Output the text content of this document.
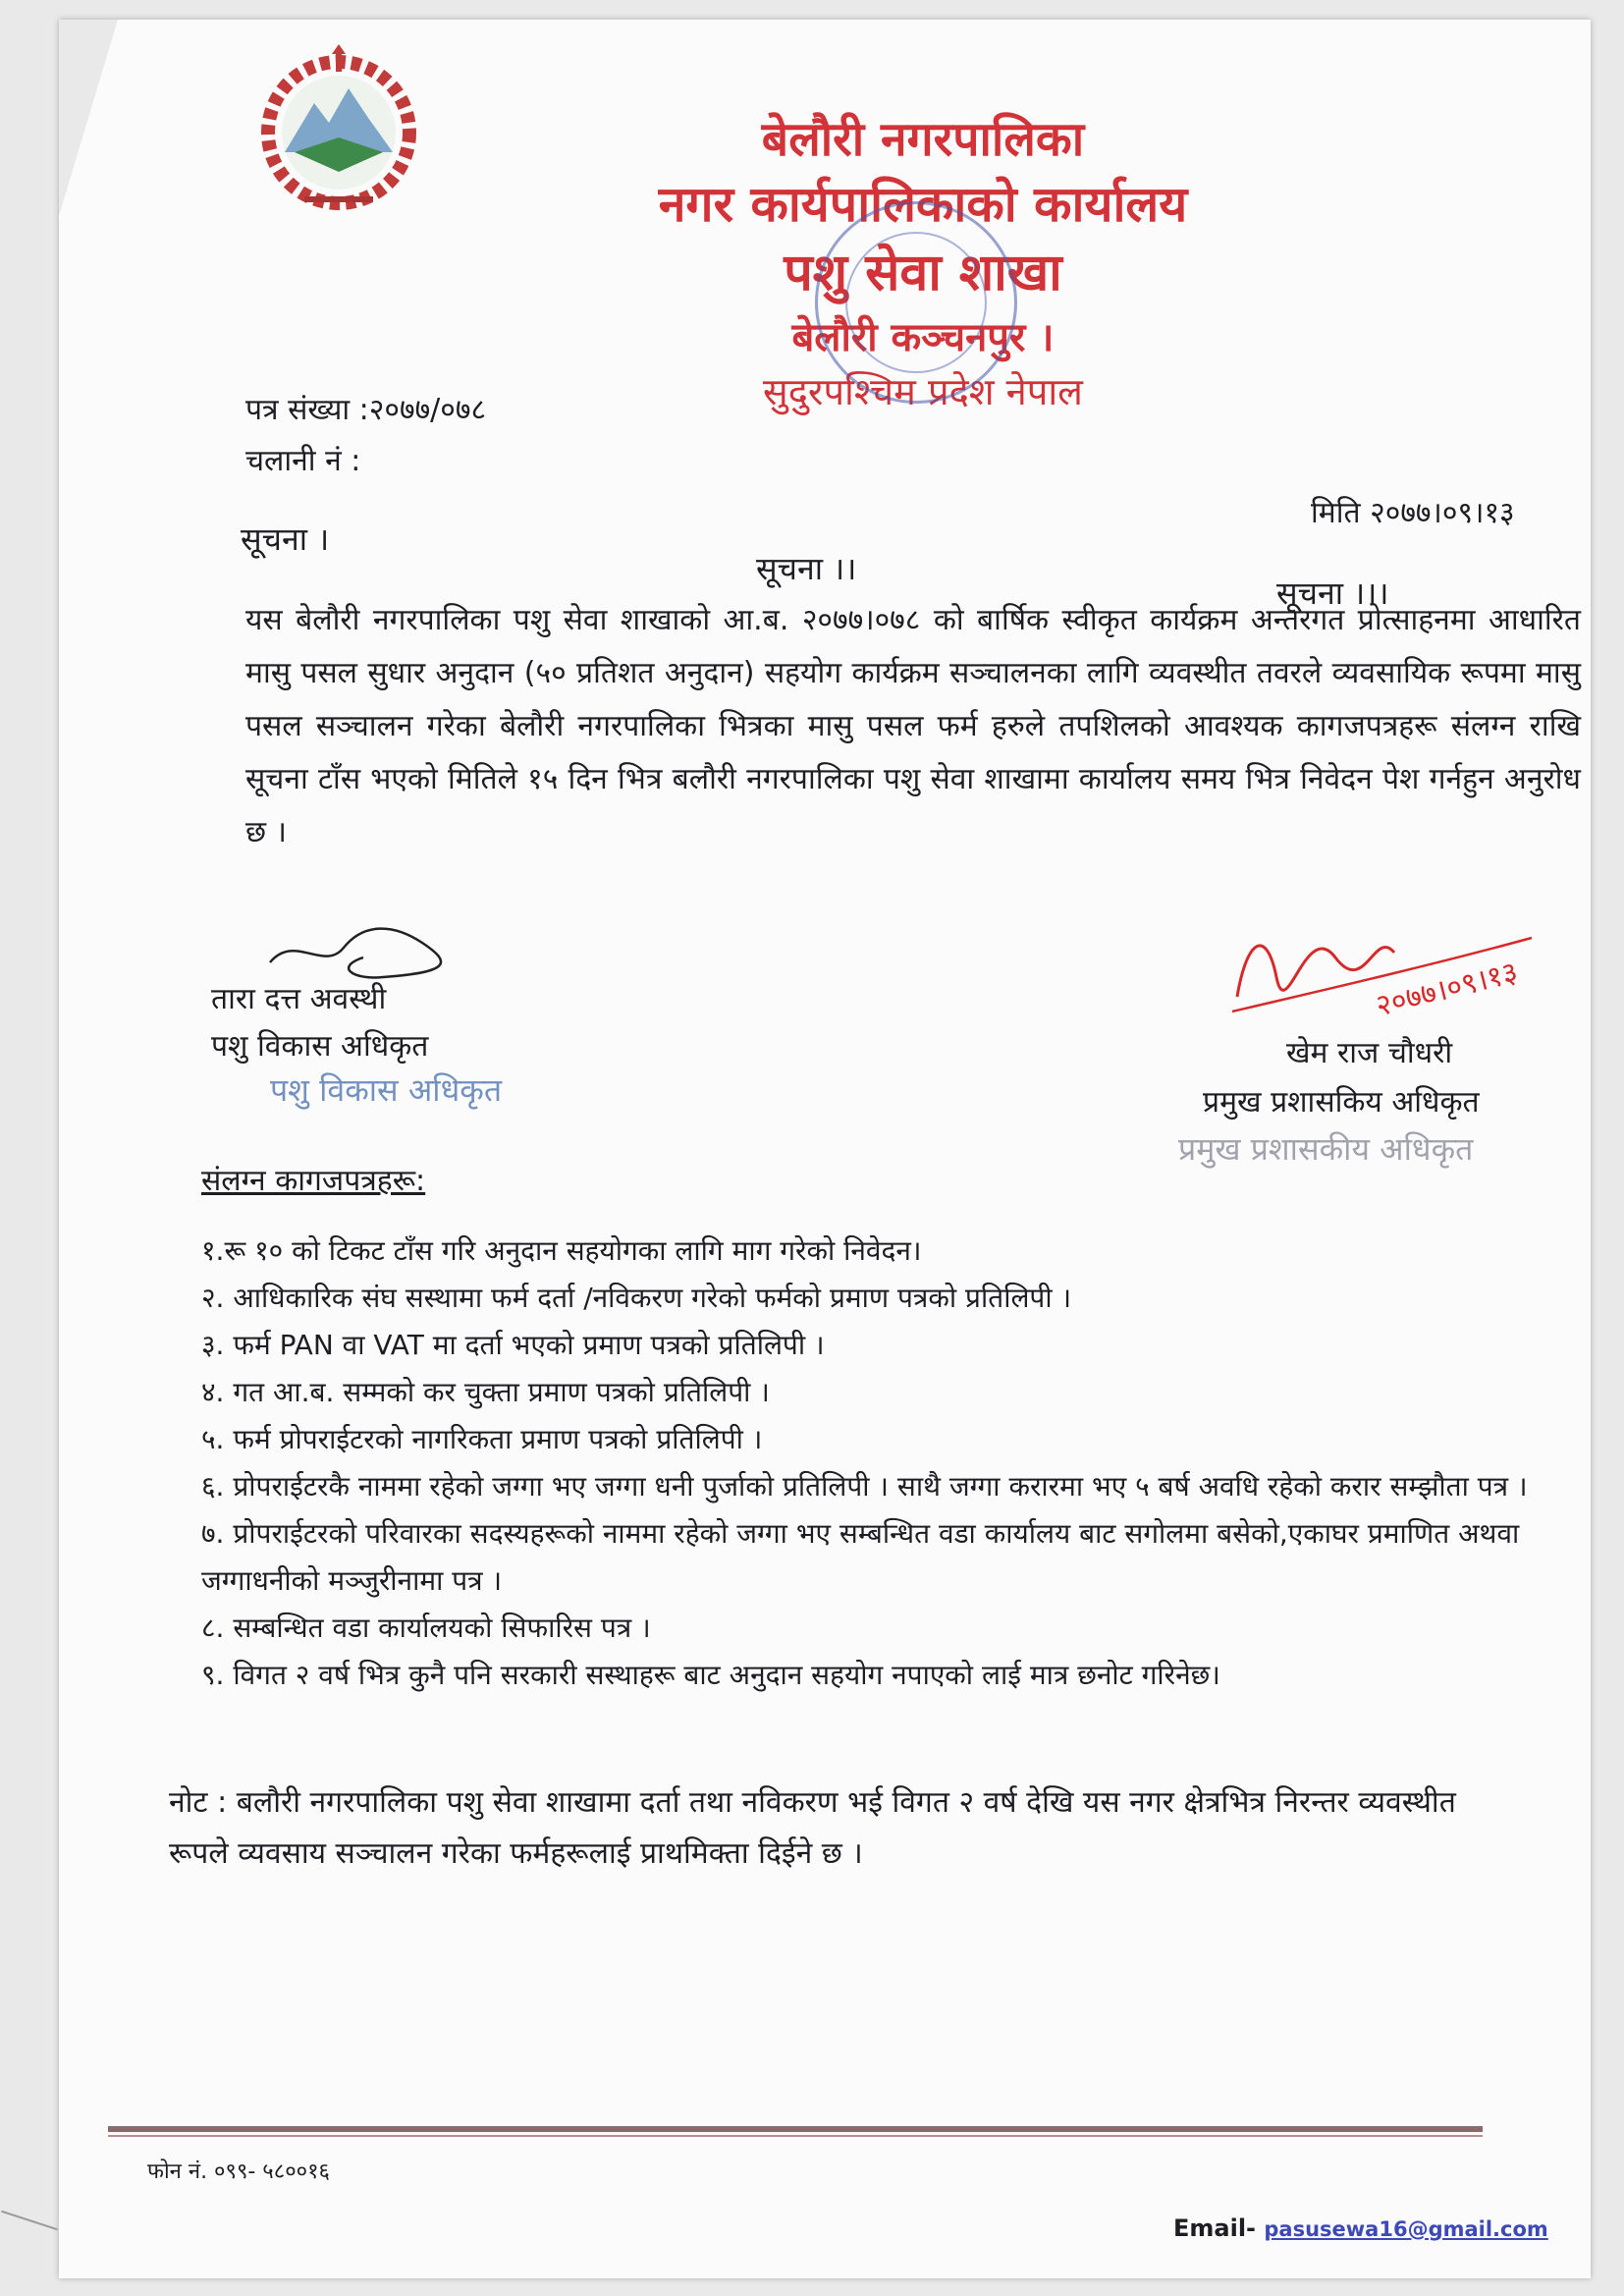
बेलौरी नगरपालिका
नगर कार्यपालिकाको कार्यालय
पशु सेवा शाखा
बेलौरी कञ्चनपुर ।
सुदुरपश्चिम प्रदेश नेपाल
पत्र संख्या :२०७७/०७८
चलानी नं :
मिति २०७७।०९।१३
सूचना ।
सूचना ।।
सूचना ।।।
यस बेलौरी नगरपालिका पशु सेवा शाखाको आ.ब. २०७७।०७८ को बार्षिक स्वीकृत कार्यक्रम अन्तरगत प्रोत्साहनमा आधारित मासु पसल सुधार अनुदान (५० प्रतिशत अनुदान) सहयोग कार्यक्रम सञ्चालनका लागि व्यवस्थीत तवरले व्यवसायिक रूपमा मासु पसल सञ्चालन गरेका बेलौरी नगरपालिका भित्रका मासु पसल फर्म हरुले तपशिलको आवश्यक कागजपत्रहरू संलग्न राखि सूचना टाँस भएको मितिले १५ दिन भित्र बलौरी नगरपालिका पशु सेवा शाखामा कार्यालय समय भित्र निवेदन पेश गर्नहुन अनुरोध छ ।
तारा दत्त अवस्थी
पशु विकास अधिकृत
पशु विकास अधिकृत
२०७७।०९।१३
खेम राज चौधरी
प्रमुख प्रशासकिय अधिकृत
प्रमुख प्रशासकीय अधिकृत
संलग्न कागजपत्रहरू:
१.रू १० को टिकट टाँस गरि अनुदान सहयोगका लागि माग गरेको निवेदन।
२. आधिकारिक संघ सस्थामा फर्म दर्ता /नविकरण गरेको फर्मको प्रमाण पत्रको प्रतिलिपी ।
३. फर्म PAN वा VAT मा दर्ता भएको प्रमाण पत्रको प्रतिलिपी ।
४. गत आ.ब. सम्मको कर चुक्ता प्रमाण पत्रको प्रतिलिपी ।
५. फर्म प्रोपराईटरको नागरिकता प्रमाण पत्रको प्रतिलिपी ।
६. प्रोपराईटरकै नाममा रहेको जग्गा भए जग्गा धनी पुर्जाको प्रतिलिपी । साथै जग्गा करारमा भए ५ बर्ष अवधि रहेको करार सम्झौता पत्र ।
७. प्रोपराईटरको परिवारका सदस्यहरूको नाममा रहेको जग्गा भए सम्बन्धित वडा कार्यालय बाट सगोलमा बसेको,एकाघर प्रमाणित अथवा जग्गाधनीको मञ्जुरीनामा पत्र ।
८. सम्बन्धित वडा कार्यालयको सिफारिस पत्र ।
९. विगत २ वर्ष भित्र कुनै पनि सरकारी सस्थाहरू बाट अनुदान सहयोग नपाएको लाई मात्र छनोट गरिनेछ।
नोट : बलौरी नगरपालिका पशु सेवा शाखामा दर्ता तथा नविकरण भई विगत २ वर्ष देखि यस नगर क्षेत्रभित्र निरन्तर व्यवस्थीत रूपले व्यवसाय सञ्चालन गरेका फर्महरूलाई प्राथमिक्ता दिईने छ ।
फोन नं. ०९९- ५८००१६
Email- pasusewa16@gmail.com
